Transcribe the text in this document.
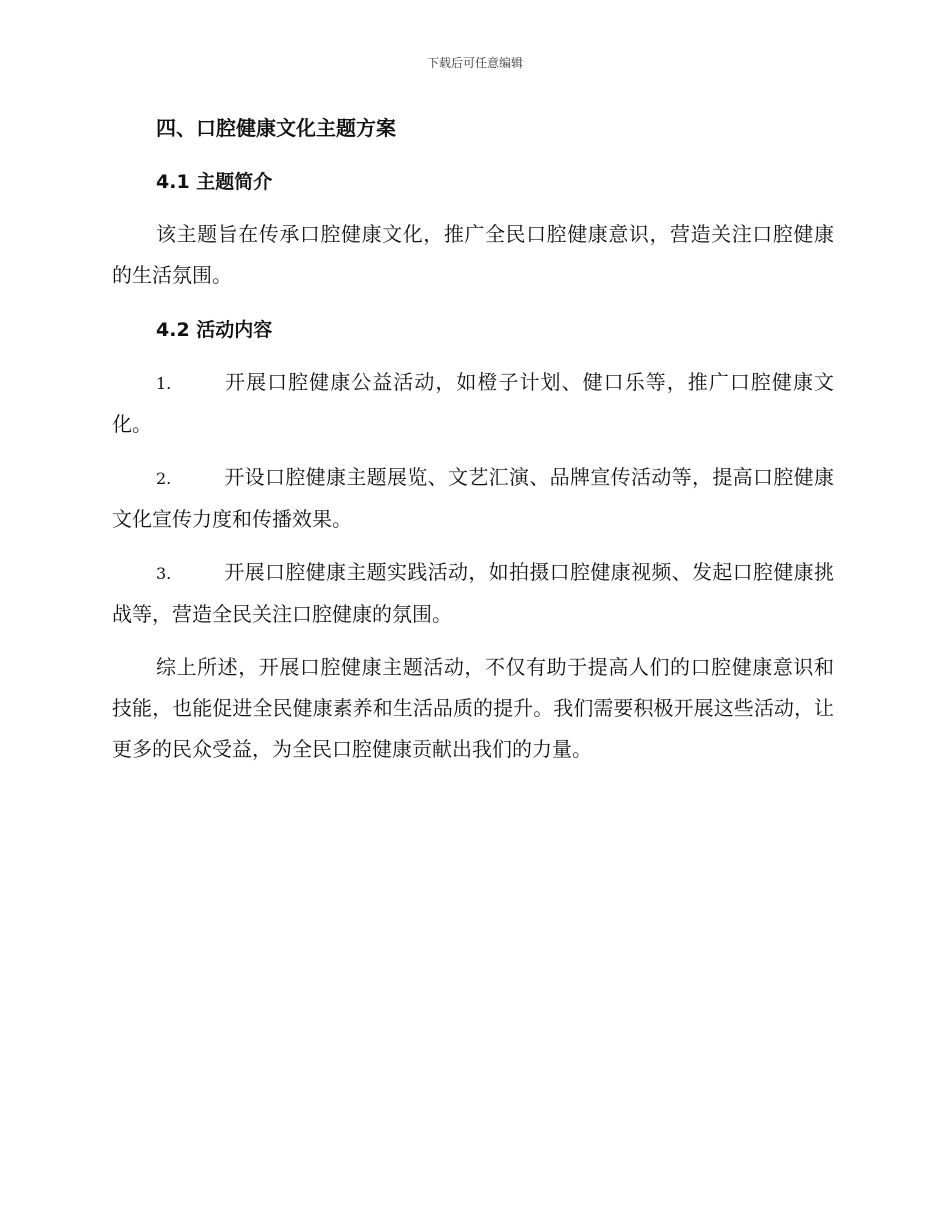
下载后可任意编辑
四、口腔健康文化主题方案
4.1 主题简介

该主题旨在传承口腔健康文化，推广全民口腔健康意识，营造关注口腔健康的生活氛围。

4.2 活动内容

1.	开展口腔健康公益活动，如橙子计划、健口乐等，推广口腔健康文化。

2.	开设口腔健康主题展览、文艺汇演、品牌宣传活动等，提高口腔健康文化宣传力度和传播效果。

3.	开展口腔健康主题实践活动，如拍摄口腔健康视频、发起口腔健康挑战等，营造全民关注口腔健康的氛围。

综上所述，开展口腔健康主题活动，不仅有助于提高人们的口腔健康意识和技能，也能促进全民健康素养和生活品质的提升。我们需要积极开展这些活动，让更多的民众受益，为全民口腔健康贡献出我们的力量。
